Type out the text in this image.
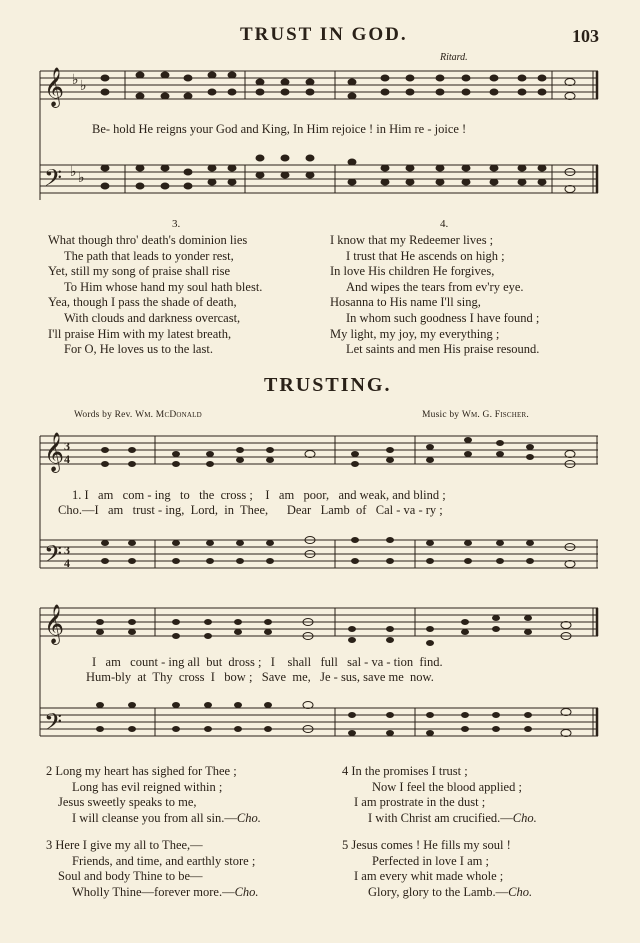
TRUST IN GOD.	103
𝄞 ♭ ♭
𝄢 ♭ ♭
Ritard.
Be- hold He reigns your God and King, In Him rejoice ! in Him re - joice !
3.	4.
What though thro' death's dominion lies
The path that leads to yonder rest,
Yet, still my song of praise shall rise
To Him whose hand my soul hath blest.
Yea, though I pass the shade of death,
With clouds and darkness overcast,
I'll praise Him with my latest breath,
For O, He loves us to the last.
I know that my Redeemer lives ;
I trust that He ascends on high ;
In love His children He forgives,
And wipes the tears from ev'ry eye.
Hosanna to His name I'll sing,
In whom such goodness I have found ;
My light, my joy, my everything ;
Let saints and men His praise resound.
TRUSTING.
Words by Rev. Wm. McDonald	Music by Wm. G. Fischer.
𝄞 3
4
𝄢 3
4
𝄞
𝄢
1. I   am   com - ing   to   the  cross ;    I   am   poor,   and weak, and blind ;
Cho.—I   am   trust - ing,  Lord,  in  Thee,      Dear   Lamb  of   Cal - va - ry ;
I   am   count - ing all  but  dross ;   I    shall   full   sal - va - tion  find.
Hum-bly  at  Thy  cross  I   bow ;   Save  me,   Je - sus, save me  now.
2 Long my heart has sighed for Thee ;
Long has evil reigned within ;
Jesus sweetly speaks to me,
I will cleanse you from all sin.—Cho.
4 In the promises I trust ;
Now I feel the blood applied ;
I am prostrate in the dust ;
I with Christ am crucified.—Cho.
3 Here I give my all to Thee,—
Friends, and time, and earthly store ;
Soul and body Thine to be—
Wholly Thine—forever more.—Cho.
5 Jesus comes ! He fills my soul !
Perfected in love I am ;
I am every whit made whole ;
Glory, glory to the Lamb.—Cho.
